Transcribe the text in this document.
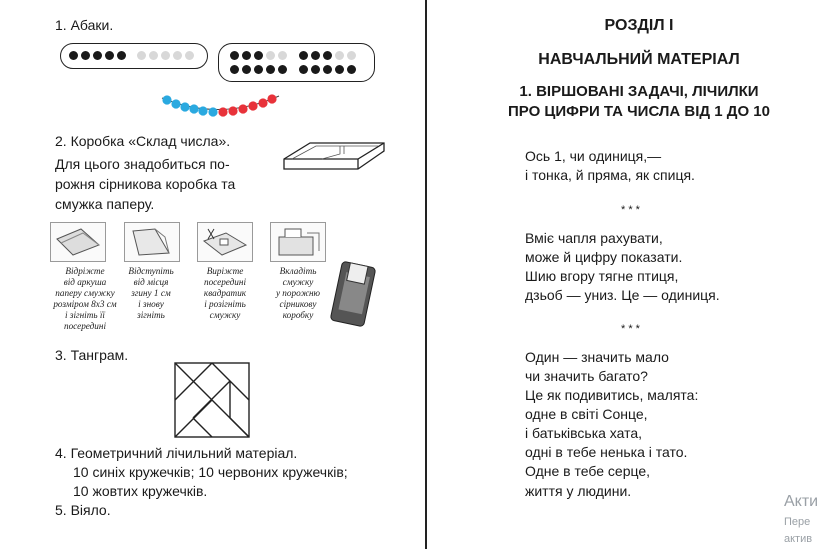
1. Абаки.
2. Коробка «Склад числа».
Для цього знадобиться по-
рожня сірникова коробка та
смужка паперу.
Відріжте
від аркуша
паперу смужку
розміром 8х3 см
і зігніть її
посередині
Відступіть
від місця
згину 1 см
і знову
зігніть
Виріжте
посередині
квадратик
і розігніть
смужку
Вкладіть
смужку
у порожню
сірникову
коробку
3. Танграм.
4. Геометричний лічильний матеріал.
10 синіх кружечків; 10 червоних кружечків;
10 жовтих кружечків.
5. Віяло.
РОЗДІЛ І
НАВЧАЛЬНИЙ МАТЕРІАЛ
1. ВІРШОВАНІ ЗАДАЧІ, ЛІЧИЛКИ
ПРО ЦИФРИ ТА ЧИСЛА ВІД 1 ДО 10
Ось 1, чи одиниця,—
і тонка, й пряма, як спиця.
* * *
Вміє чапля рахувати,
може й цифру показати.
Шию вгору тягне птиця,
дзьоб — униз. Це — одиниця.
* * *
Один — значить мало
чи значить багато?
Це як подивитись, малята:
одне в світі Сонце,
і батьківська хата,
одні в тебе ненька і тато.
Одне в тебе серце,
життя у людини.
Акти
Пере
актив
